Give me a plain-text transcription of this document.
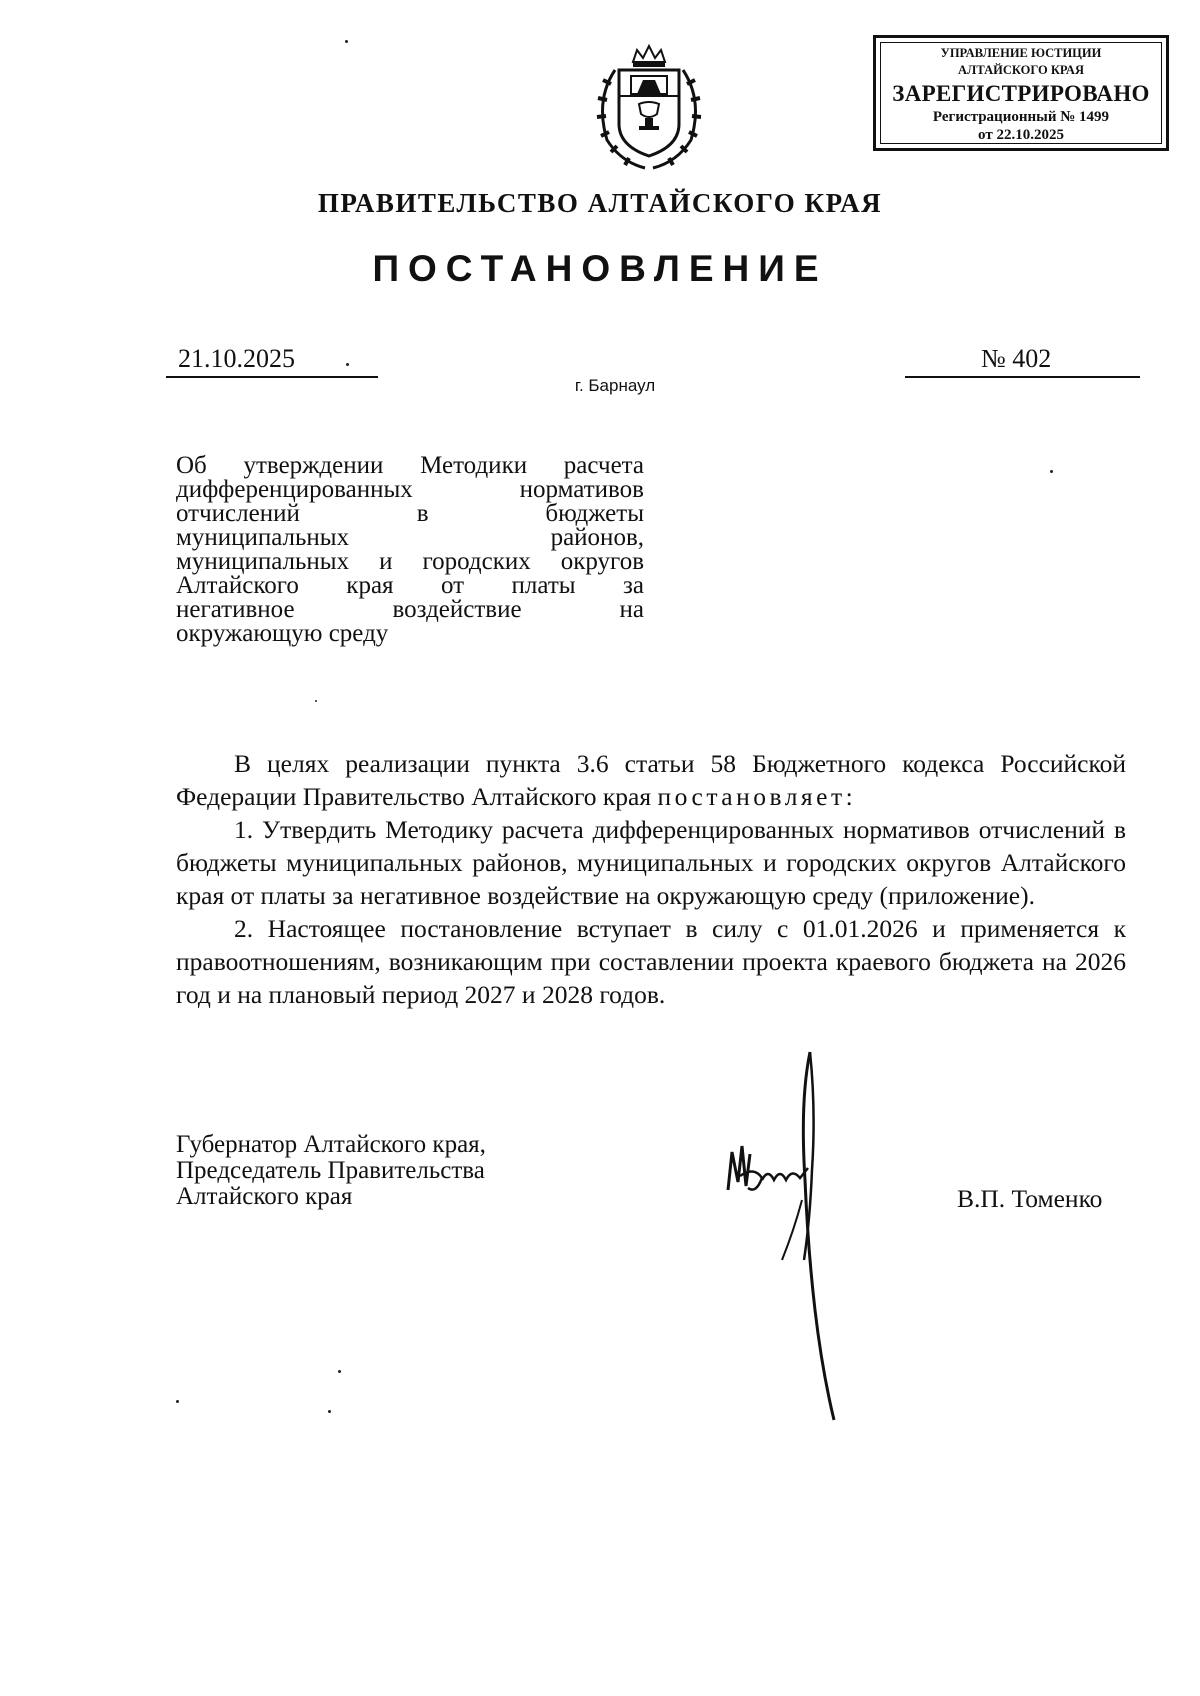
УПРАВЛЕНИЕ ЮСТИЦИИ
АЛТАЙСКОГО КРАЯ
ЗАРЕГИСТРИРОВАНО
Регистрационный № 1499
от 22.10.2025
ПРАВИТЕЛЬСТВО АЛТАЙСКОГО КРАЯ
ПОСТАНОВЛЕНИЕ
21.10.2025	№ 402
г. Барнаул
Об утверждении Методики расчета
дифференцированных нормативов
отчислений в бюджеты
муниципальных районов,
муниципальных и городских округов
Алтайского края от платы за
негативное воздействие на
окружающую среду

В целях реализации пункта 3.6 статьи 58 Бюджетного кодекса Российской Федерации Правительство Алтайского края постановляет:

1. Утвердить Методику расчета дифференцированных нормативов отчислений в бюджеты муниципальных районов, муниципальных и городских округов Алтайского края от платы за негативное воздействие на окружающую среду (приложение).

2. Настоящее постановление вступает в силу с 01.01.2026 и применяется к правоотношениям, возникающим при составлении проекта краевого бюджета на 2026 год и на плановый период 2027 и 2028 годов.

Губернатор Алтайского края,
Председатель Правительства
Алтайского края	В.П. Томенко
